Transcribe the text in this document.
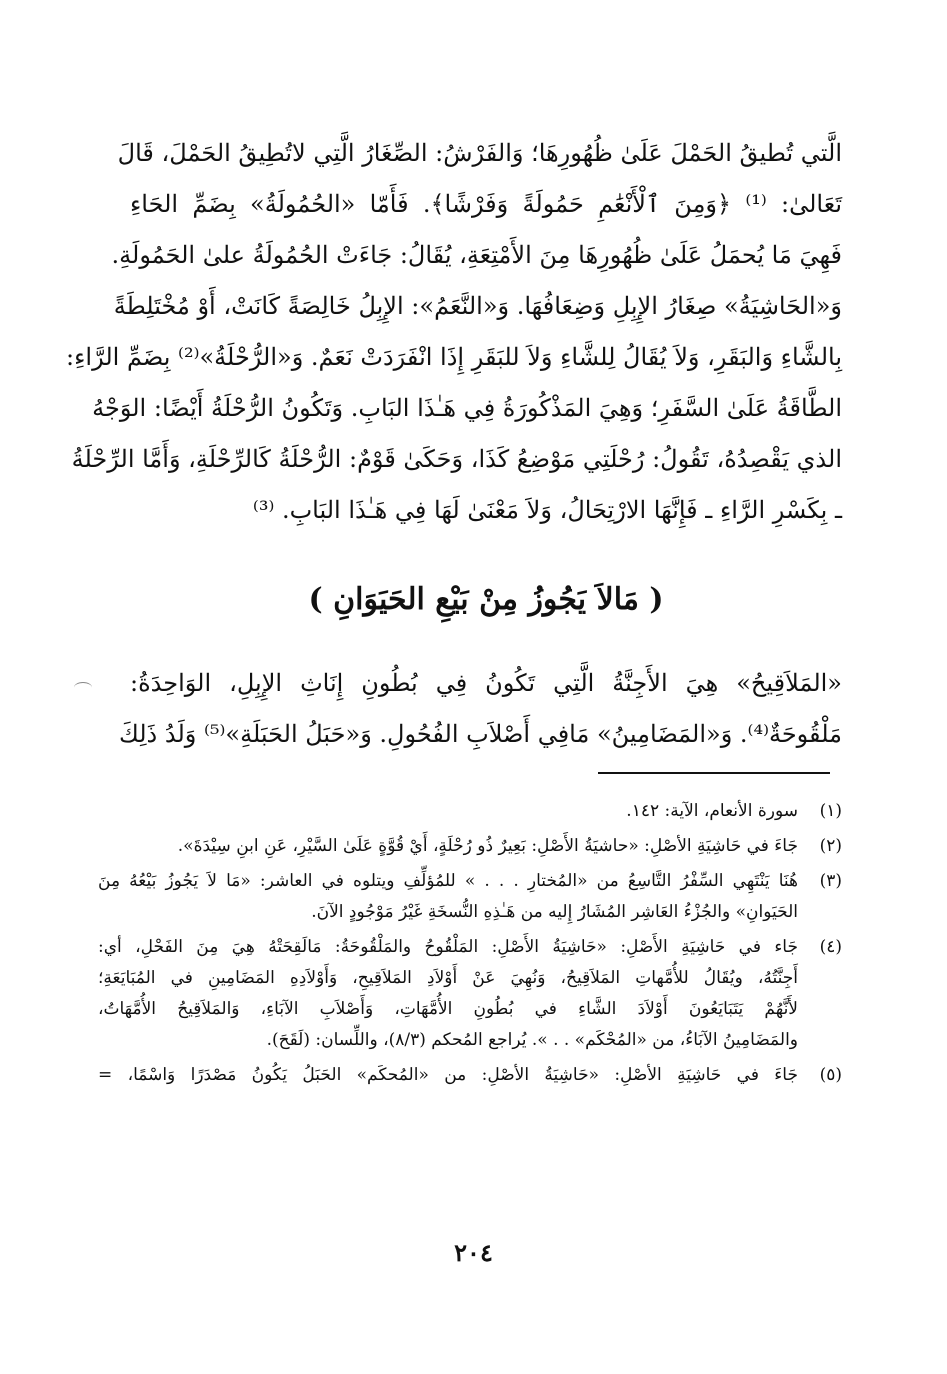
الَّتي تُطيقُ الحَمْلَ عَلَىٰ ظُهُورِهَا؛ وَالفَرْشُ: الصِّغَارُ الَّتِي لاتُطِيقُ الحَمْلَ، قَالَ
تَعَالىٰ: ⁽¹⁾ ﴿وَمِنَ ٱلْأَنْعَٰمِ حَمُولَةً وَفَرْشًا﴾. فَأَمّا «الحُمُولَةُ» بِضَمِّ الحَاءِ
فَهِيَ مَا يُحمَلُ عَلَىٰ ظُهُورِهَا مِنَ الأَمْتِعَةِ، يُقَالُ: جَاءَتْ الحُمُولَةُ علىٰ الحَمُولَةِ.
وَ«الحَاشِيَةُ» صِغَارُ الإِبِلِ وَضِعَافُهَا. وَ«النَّعَمُ»: الإِبِلُ خَالِصَةً كَانَتْ، أَوْ مُخْتَلِطَةً
بِالشَّاءِ وَالبَقَرِ، وَلاَ يُقَالُ لِلشَّاءِ وَلاَ للبَقَرِ إِذَا انْفَرَدَتْ نَعَمٌ. وَ«الرُّحْلَةُ»⁽²⁾ بِضَمِّ الرَّاءِ:
الطَّاقَةُ عَلَىٰ السَّفَرِ؛ وَهِيَ المَذْكُورَةُ فِي هَـٰذَا البَابِ. وَتَكُونُ الرُّحْلَةُ أَيْضًا: الوَجْهُ
الذي يَقْصِدُهُ، تَقُولُ: رُحْلَتِي مَوْضِعُ كَذَا، وَحَكَىٰ قَوْمٌ: الرُّحْلَةُ كَالرِّحْلَةِ، وَأَمَّا الرِّحْلَةُ
ـ بِكَسْرِ الرَّاءِ ـ فَإِنَّهَا الارْتِحَالُ، وَلاَ مَعْنَىٰ لَهَا فِي هَـٰذَا البَابِ. ⁽³⁾
( مَالاَ يَجُوزُ مِنْ بَيْعِ الحَيَوَانِ )
«المَلاَقِيحُ» هِيَ الأَجِنَّةُ الَّتِي تَكُونُ فِي بُطُونِ إِنَاثِ الإِبِلِ، الوَاحِدَةُ:
مَلْقُوحَةٌ⁽⁴⁾. وَ«المَضَامِينُ» مَافِي أَصْلاَبِ الفُحُولِ. وَ«حَبَلُ الحَبَلَةِ»⁽⁵⁾ وَلَدُ ذَلِكَ
(١)
سورة الأنعام، الآية: ١٤٢.
(٢)
جَاءَ في حَاشِيَةِ الأصْلِ: «حاشيَةُ الأَصْلِ: بَعِيرٌ ذُو رُحْلَةٍ، أَيْ قُوَّةٍ عَلَىٰ السَّيْرِ، عَنِ ابنِ سِيْدَةَ».
(٣)
هُنَا يَنْتَهِي السِّفْرُ التَّاسِعُ من «المُختارِ . . . » للمُؤلِّفِ ويتلوه في العاشر: «مَا لاَ يَجُوزُ بَيْعُهُ مِنَ
الحَيَوانِ» والجُزْءُ العَاشِر المُشَارُ إِليه من هَـٰذِهِ النُّسخَةِ غَيْرُ مَوْجُودٍ الآنَ.
(٤)
جَاء في حَاشِيَةِ الأَصْلِ: «حَاشِيَةُ الأَصْلِ: المَلْقُوحُ والمَلْقُوحَةُ: مَالَقِحَتْهُ هِيَ مِنَ الفَحْلِ، أي:
أَجِنَّتُهُ، ويُقَالُ للأُمَّهاتِ المَلاَقِيحُ، وَنُهِيَ عَنْ أَوْلاَدِ المَلاَقِيحِ، وَأَوْلاَدِهِ المَضَامِينِ في المُبَايَعَةِ؛
لأَنَّهُمْ يَتَبَايَعُونَ أَوْلاَدَ الشَّاءِ في بُطُونِ الأُمَّهَاتِ، وَأَصْلاَبِ الآبَاءِ، وَالمَلاَقِيحُ الأُمَّهَاتُ،
والمَضَامِينُ الآبَاءُ، من «المُحْكَم» . . ». يُراجع المُحكم (٨/٣)، واللِّسان: (لَقَحَ).
(٥)
جَاءَ في حَاشِيَةِ الأصْلِ: «حَاشِيَةُ الأصْلِ: من «المُحكَم» الحَبَلُ يَكُونُ مَصْدَرًا وَاسْمًا، =
٢٠٤
